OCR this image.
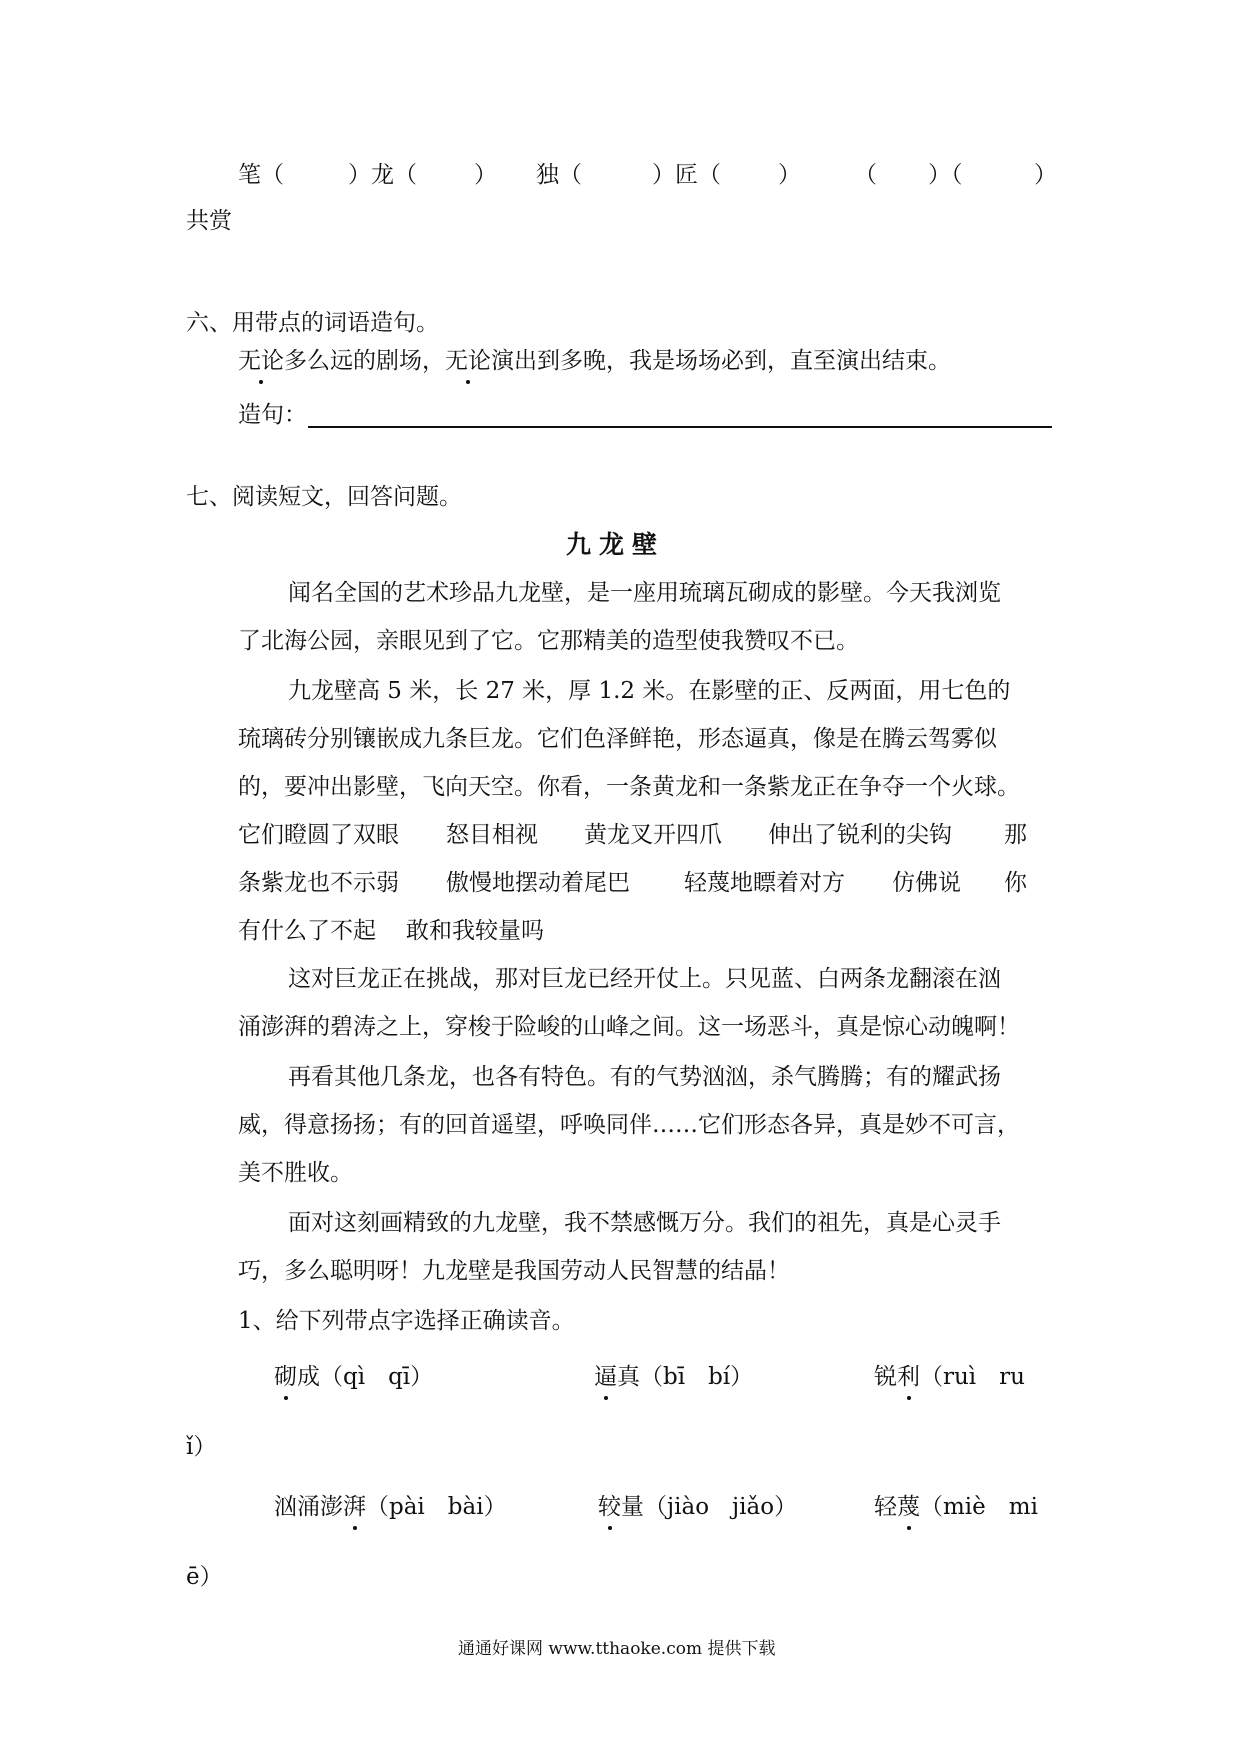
笔（	）龙（ ） 独（	）匠（ ） （ ）（	）
共赏
六、用带点的词语造句。
无论多么远的剧场，无论演出到多晚，我是场场必到，直至演出结束。
造句：
七、阅读短文，回答问题。
九龙壁
闻名全国的艺术珍品九龙壁，是一座用琉璃瓦砌成的影壁。今天我浏览
了北海公园，亲眼见到了它。它那精美的造型使我赞叹不已。
九龙壁高 5 米，长 27 米，厚 1.2 米。在影壁的正、反两面，用七色的
琉璃砖分别镶嵌成九条巨龙。它们色泽鲜艳，形态逼真，像是在腾云驾雾似
的，要冲出影壁，飞向天空。你看，一条黄龙和一条紫龙正在争夺一个火球。
它们瞪圆了双眼 怒目相视 黄龙叉开四爪 伸出了锐利的尖钩 那
条紫龙也不示弱 傲慢地摆动着尾巴 轻蔑地瞟着对方 仿佛说 你
有什么了不起 敢和我较量吗
这对巨龙正在挑战，那对巨龙已经开仗上。只见蓝、白两条龙翻滚在汹
涌澎湃的碧涛之上，穿梭于险峻的山峰之间。这一场恶斗，真是惊心动魄啊！
再看其他几条龙，也各有特色。有的气势汹汹，杀气腾腾；有的耀武扬
威，得意扬扬；有的回首遥望，呼唤同伴……它们形态各异，真是妙不可言，
美不胜收。
面对这刻画精致的九龙壁，我不禁感慨万分。我们的祖先，真是心灵手
巧，多么聪明呀！九龙壁是我国劳动人民智慧的结晶！
1、给下列带点字选择正确读音。
砌成（qì　qī）	逼真（bī　bí）	锐利（ruì　ru
ǐ）
汹涌澎湃（pài　bài）	较量（jiào　jiǎo）	轻蔑（miè　mi
ē）
通通好课网 www.tthaoke.com 提供下载
